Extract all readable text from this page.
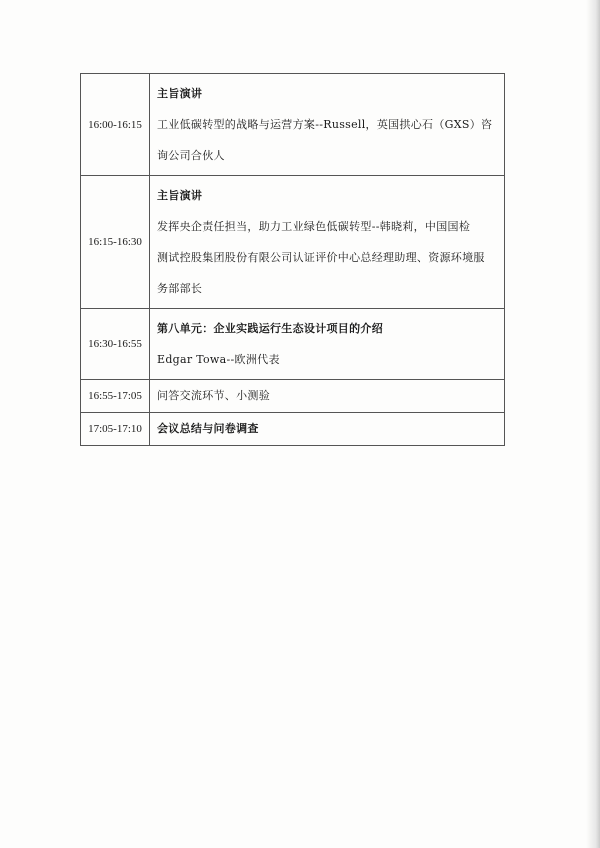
16:00-16:15	主旨演讲
工业低碳转型的战略与运营方案--Russell，英国拱心石（GXS）咨
询公司合伙人

16:15-16:30	主旨演讲
发挥央企责任担当，助力工业绿色低碳转型--韩晓莉，中国国检
测试控股集团股份有限公司认证评价中心总经理助理、资源环境服
务部部长

16:30-16:55	第八单元：企业实践运行生态设计项目的介绍
Edgar Towa--欧洲代表

16:55-17:05	问答交流环节、小测验

17:05-17:10	会议总结与问卷调查
